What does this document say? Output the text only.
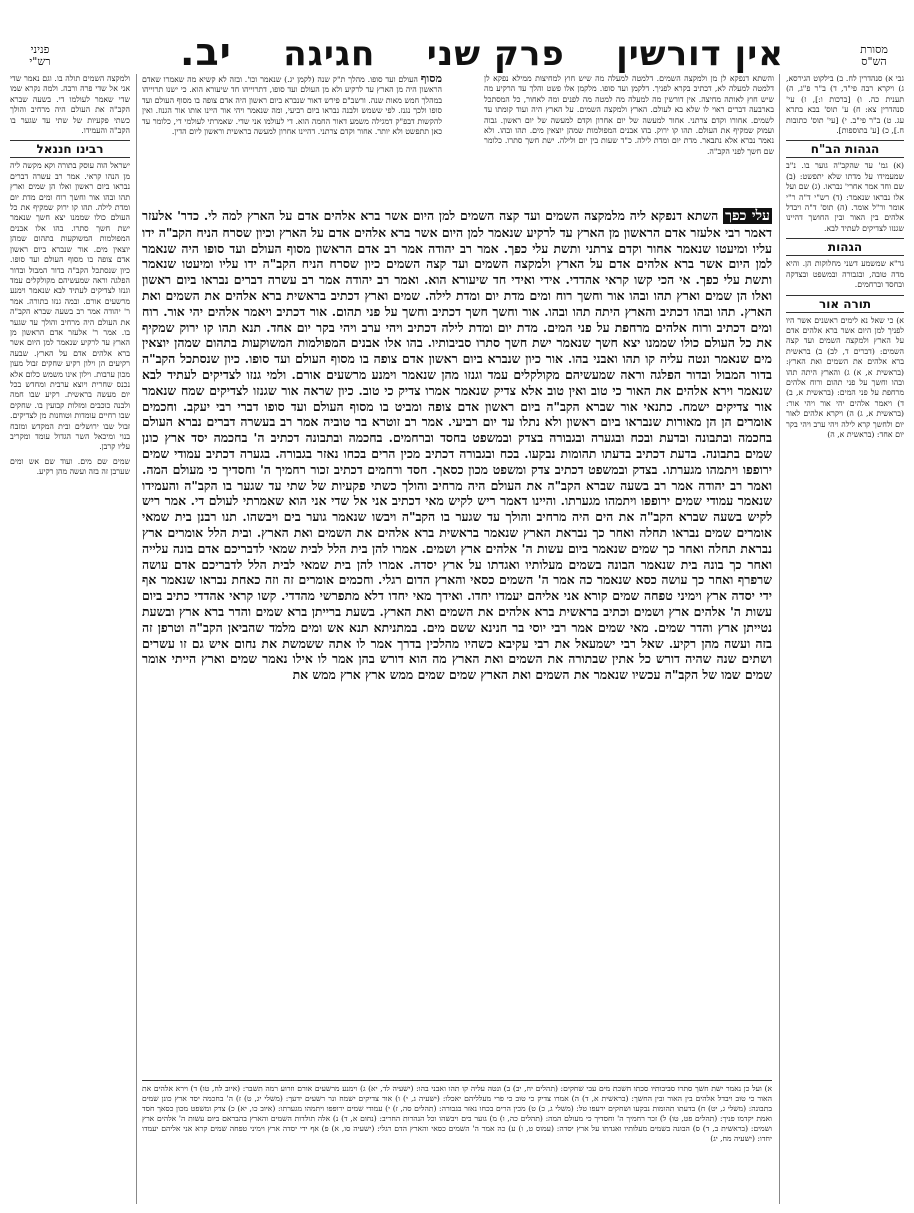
מסורת
הש"ס
אין דורשין
פרק שני
חגיגה
יב.
פניני
רש"י

גבי א) סנהדרין לח. ב) בילקוט הגירסא, ג) ויקרא רבה פי"ד, ד) ב"ר פ"ג, ה) תענית כה. ו) [ברכות ו:], ז) עי' סנהדרין צא: ח) ע' תוס' בבא בתרא עג. ט) ב"ר פי"ב. י) [עי' תוס' כתובות ח.], כ) [ע' בתוספות].

הגהות הב"ח

(א) גמ' עד שהקב"ה גוער בו. נ"ב שמעמידו על מדתו שלא יתפשט: (ב) שם וחד אמר אחרי' נבראו. (ג) שם ועל אלו נבראו שנאמר: (ד) רש"י ד"ה ר"י אומר ור"ל אומר. (ה) תוס' ד"ה ויבדל אלהים בין האור ובין החושך דהיינו שגנזו לצדיקים לעתיד לבא.

הגהות

גר"א שמשמע דשני מחלוקות הן. והיא מדה טובה, ובגבורה ובמשפט ובצדקה ובחסד וברחמים.

תורה אור

א) כי שאל נא לימים ראשנים אשר היו לפניך למן היום אשר ברא אלהים אדם על הארץ ולמקצה השמים ועד קצה השמים: (דברים ד, לב) ב) בראשית ברא אלהים את השמים ואת הארץ: (בראשית א, א) ג) והארץ היתה תהו ובהו וחשך על פני תהום ורוח אלהים מרחפת על פני המים: (בראשית א, ב) ד) ויאמר אלהים יהי אור ויהי אור: (בראשית א, ג) ה) ויקרא אלהים לאור יום ולחשך קרא לילה ויהי ערב ויהי בקר יום אחד: (בראשית א, ה)

ולמקצה השמים תולה בו. וגם נאמר שדי אני אל שדי פרה ורבה. ולמה נקרא שמו שדי שאמר לעולמו די. בשעה שברא הקב"ה את העולם היה מרחיב והולך כשתי פקעיות של שתי עד שגער בו הקב"ה והעמידו.

רבינו חננאל

ישראל הוה עוסק בתורה וקא מקשה ליה מן הנהו קראי. אמר רב עשרה דברים נבראו ביום ראשון ואלו הן שמים וארץ תהו ובהו אור וחשך רוח ומים מדת יום ומדת לילה. תהו קו ירוק שמקיף את כל העולם כולו שממנו יצא חשך שנאמר ישת חשך סתרו. בהו אלו אבנים המפולמות המשוקעות בתהום שמהן יוצאין מים. אור שנברא ביום ראשון אדם צופה בו מסוף העולם ועד סופו. כיון שנסתכל הקב"ה בדור המבול ובדור הפלגה וראה שמעשיהם מקולקלים עמד וגנזו לצדיקים לעתיד לבא שנאמר וימנע מרשעים אורם. ובמה גנזו בתורה. אמר ר' יהודה אמר רב בשעה שברא הקב"ה את העולם היה מרחיב והולך עד שגער בו. אמר ר' אלעזר אדם הראשון מן הארץ עד לרקיע שנאמר למן היום אשר ברא אלהים אדם על הארץ. שבעה רקיעים הן וילון רקיע שחקים זבול מעון מכון ערבות. וילון אינו משמש כלום אלא נכנס שחרית ויוצא ערבית ומחדש בכל יום מעשה בראשית. רקיע שבו חמה ולבנה כוכבים ומזלות קבועין בו. שחקים שבו רחיים עומדות וטוחנות מן לצדיקים. זבול שבו ירושלים ובית המקדש ומזבח בנוי ומיכאל השר הגדול עומד ומקריב עליו קרבן.

שמים שם מים. ועוד שם אש ומים שערבן זה בזה ועשה מהן רקיע.

והשתא דנפקא לן מן ולמקצה השמים. דלמטה למעלה מה שיש חוץ למחיצות ממילא נפקא לן דלמטה למעלה לא, דכתיב בקרא לפניך. דלקמן ועד סופו. מלקמן אלו פשט והלך עד הרקיע מה שיש חוץ לאותה מחיצה. אין דורשין מה למעלה מה למטה מה לפנים ומה לאחור, כל המסתכל בארבעה דברים ראוי לו שלא בא לעולם. הארץ ולמקצה השמים. על הארץ היה ועוד קומתו עד לשמים. אחורו וקדם צרתני. אחור למעשה של יום אחרון וקדם למעשה של יום ראשון. גבוה ועמוק שמקיף את העולם. תהו קו ירוק. בהו אבנים המפולמות שמהן יוצאין מים. תהו ובהו. ולא נאמר נברא אלא נתבאר. מדת יום ומדת לילה. כ"ד שעות בין יום ולילה. ישת חשך סתרו. כלומר שם חשך לפני הקב"ה.
מסוף העולם ועד סופו. מהלך ת"ק שנה (לקמן יג.) שנאמר וכו'. ובזה לא קשיא מה שאמרו שאדם הראשון היה מן הארץ עד לרקיע ולא מן העולם ועד סופו, דתרוייהו חד שיעורא הוא. כי ישנו תרוייהו במהלך חמש מאות שנה. ורשב"ם פירש דאור שנברא ביום ראשון היה אדם צופה בו מסוף העולם ועד סופו ולכך נגנז. לפי ששמש ולבנה נבראו ביום רביעי, ומה שנאמר ויהי אור היינו אותו אור הגנוז. ואין להקשות דבפ"ק דמגילה משמע דאור החמה הוא. די לעולמו אני שדי. שאמרתי לעולמי די, כלומר עד כאן תתפשט ולא יותר. אחור וקדם צרתני. דהיינו אחרון למעשה בראשית וראשון ליום הדין.
עלי כפך השתא דנפקא ליה מלמקצה השמים ועד קצה השמים למן היום אשר ברא אלהים אדם על הארץ למה לי. כדר' אלעזר דאמר רבי אלעזר אדם הראשון מן הארץ עד לרקיע שנאמר למן היום אשר ברא אלהים אדם על הארץ וכיון שסרח הניח הקב"ה ידו עליו ומיעטו שנאמר אחור וקדם צרתני ותשת עלי כפך. אמר רב יהודה אמר רב אדם הראשון מסוף העולם ועד סופו היה שנאמר למן היום אשר ברא אלהים אדם על הארץ ולמקצה השמים ועד קצה השמים כיון שסרח הניח הקב"ה ידו עליו ומיעטו שנאמר ותשת עלי כפך. אי הכי קשו קראי אהדדי. אידי ואידי חד שיעורא הוא. ואמר רב יהודה אמר רב עשרה דברים נבראו ביום ראשון ואלו הן שמים וארץ תהו ובהו אור וחשך רוח ומים מדת יום ומדת לילה. שמים וארץ דכתיב בראשית ברא אלהים את השמים ואת הארץ. תהו ובהו דכתיב והארץ היתה תהו ובהו. אור וחשך חשך דכתיב וחשך על פני תהום. אור דכתיב ויאמר אלהים יהי אור. רוח ומים דכתיב ורוח אלהים מרחפת על פני המים. מדת יום ומדת לילה דכתיב ויהי ערב ויהי בקר יום אחד. תנא תהו קו ירוק שמקיף את כל העולם כולו שממנו יצא חשך שנאמר ישת חשך סתרו סביבותיו. בהו אלו אבנים המפולמות המשוקעות בתהום שמהן יוצאין מים שנאמר ונטה עליה קו תהו ואבני בהו. אור כיון שנברא ביום ראשון אדם צופה בו מסוף העולם ועד סופו. כיון שנסתכל הקב"ה בדור המבול ובדור הפלגה וראה שמעשיהם מקולקלים עמד וגנזו מהן שנאמר וימנע מרשעים אורם. ולמי גנזו לצדיקים לעתיד לבא שנאמר וירא אלהים את האור כי טוב ואין טוב אלא צדיק שנאמר אמרו צדיק כי טוב. כיון שראה אור שגנזו לצדיקים שמח שנאמר אור צדיקים ישמח. כתנאי אור שברא הקב"ה ביום ראשון אדם צופה ומביט בו מסוף העולם ועד סופו דברי רבי יעקב. וחכמים אומרים הן הן מאורות שנבראו ביום ראשון ולא נתלו עד יום רביעי. אמר רב זוטרא בר טוביה אמר רב בעשרה דברים נברא העולם בחכמה ובתבונה ובדעת ובכח ובגערה ובגבורה בצדק ובמשפט בחסד וברחמים. בחכמה ובתבונה דכתיב ה' בחכמה יסד ארץ כונן שמים בתבונה. בדעת דכתיב בדעתו תהומות נבקעו. בכח ובגבורה דכתיב מכין הרים בכחו נאזר בגבורה. בגערה דכתיב עמודי שמים ירופפו ויתמהו מגערתו. בצדק ובמשפט דכתיב צדק ומשפט מכון כסאך. חסד ורחמים דכתיב זכור רחמיך ה' וחסדיך כי מעולם המה. ואמר רב יהודה אמר רב בשעה שברא הקב"ה את העולם היה מרחיב והולך כשתי פקעיות של שתי עד שגער בו הקב"ה והעמידו שנאמר עמודי שמים ירופפו ויתמהו מגערתו. והיינו דאמר ריש לקיש מאי דכתיב אני אל שדי אני הוא שאמרתי לעולם די. אמר ריש לקיש בשעה שברא הקב"ה את הים היה מרחיב והולך עד שגער בו הקב"ה ויבשו שנאמר גוער בים ויבשהו. תנו רבנן בית שמאי אומרים שמים נבראו תחלה ואחר כך נבראת הארץ שנאמר בראשית ברא אלהים את השמים ואת הארץ. ובית הלל אומרים ארץ נבראת תחלה ואחר כך שמים שנאמר ביום עשות ה' אלהים ארץ ושמים. אמרו להן בית הלל לבית שמאי לדבריכם אדם בונה עלייה ואחר כך בונה בית שנאמר הבונה בשמים מעלותיו ואגדתו על ארץ יסדה. אמרו להן בית שמאי לבית הלל לדבריכם אדם עושה שרפרף ואחר כך עושה כסא שנאמר כה אמר ה' השמים כסאי והארץ הדום רגלי. וחכמים אומרים זה וזה כאחת נבראו שנאמר אף ידי יסדה ארץ וימיני טפחה שמים קורא אני אליהם יעמדו יחדו. ואידך מאי יחדו דלא מתפרשי מהדדי. קשו קראי אהדדי כתיב ביום עשות ה' אלהים ארץ ושמים וכתיב בראשית ברא אלהים את השמים ואת הארץ. בשעת ברייתן ברא שמים והדר ברא ארץ ובשעת נטייתן ארץ והדר שמים. מאי שמים אמר רבי יוסי בר חנינא ששם מים. במתניתא תנא אש ומים מלמד שהביאן הקב"ה וטרפן זה בזה ועשה מהן רקיע. שאל רבי ישמעאל את רבי עקיבא כשהיו מהלכין בדרך אמר לו אתה ששמשת את נחום איש גם זו עשרים ושתים שנה שהיה דורש כל אתין שבתורה את השמים ואת הארץ מה הוא דורש בהן אמר לו אילו נאמר שמים וארץ הייתי אומר שמים שמו של הקב"ה עכשיו שנאמר את השמים ואת הארץ שמים שמים ממש ארץ ארץ ממש את
א) ועל כן נאמר ישת חשך סתרו סביבותיו סכתו חשכת מים עבי שחקים: (תהלים יח, יב) ב) ונטה עליה קו תהו ואבני בהו: (ישעיה לד, יא) ג) וימנע מרשעים אורם וזרוע רמה תשבר: (איוב לח, טו) ד) וירא אלהים את האור כי טוב ויבדל אלהים בין האור ובין החשך: (בראשית א, ד) ה) אמרו צדיק כי טוב כי פרי מעלליהם יאכלו: (ישעיה ג, י) ו) אור צדיקים ישמח ונר רשעים ידעך: (משלי יג, ט) ז) ה' בחכמה יסד ארץ כונן שמים בתבונה: (משלי ג, יט) ח) בדעתו תהומות נבקעו ושחקים ירעפו טל: (משלי ג, כ) ט) מכין הרים בכחו נאזר בגבורה: (תהלים סה, ז) י) עמודי שמים ירופפו ויתמהו מגערתו: (איוב כו, יא) כ) צדק ומשפט מכון כסאך חסד ואמת יקדמו פניך: (תהלים פט, טו) ל) זכר רחמיך ה' וחסדיך כי מעולם המה: (תהלים כה, ו) מ) גוער בים ויבשהו וכל הנהרות החריב: (נחום א, ד) נ) אלה תולדות השמים והארץ בהבראם ביום עשות ה' אלהים ארץ ושמים: (בראשית ב, ד) ס) הבונה בשמים מעלותיו ואגדתו על ארץ יסדה: (עמוס ט, ו) ע) כה אמר ה' השמים כסאי והארץ הדם רגלי: (ישעיה סו, א) פ) אף ידי יסדה ארץ וימיני טפחה שמים קרא אני אליהם יעמדו יחדו: (ישעיה מח, יג)
